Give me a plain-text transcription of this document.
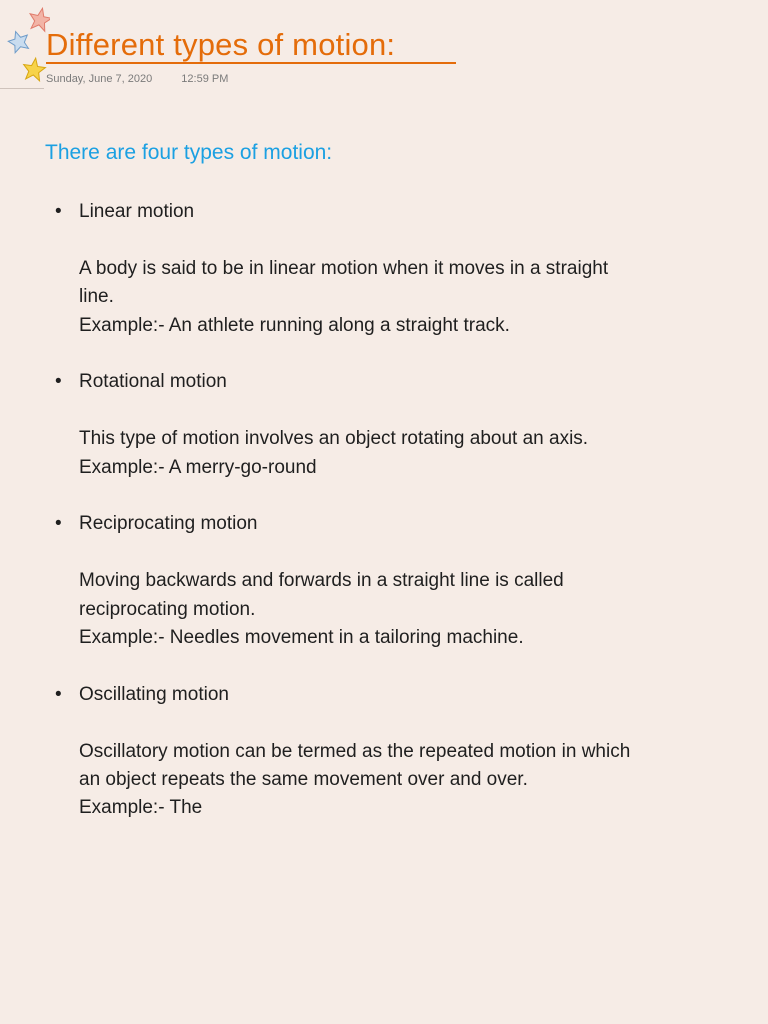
Different types of motion:
Sunday, June 7, 2020	12:59 PM
There are four types of motion:
• Linear motion

A body is said to be in linear motion when it moves in a straight line.

Example:- An athlete running along a straight track.

• Rotational motion

This type of motion involves an object rotating about an axis.

Example:- A merry-go-round

• Reciprocating motion

Moving backwards and forwards in a straight line is called reciprocating motion.

Example:- Needles movement in a tailoring machine.

• Oscillating motion

Oscillatory motion can be termed as the repeated motion in which an object repeats the same movement over and over.

Example:- The
